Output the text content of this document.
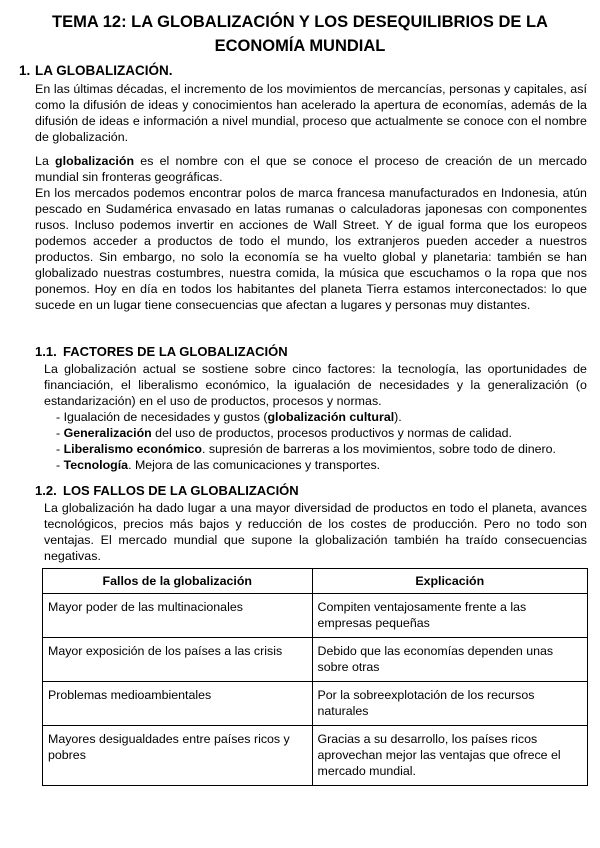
TEMA 12: LA GLOBALIZACIÓN Y LOS DESEQUILIBRIOS DE LA ECONOMÍA MUNDIAL
1. LA GLOBALIZACIÓN.

En las últimas décadas, el incremento de los movimientos de mercancías, personas y capitales, así como la difusión de ideas y conocimientos han acelerado la apertura de economías, además de la difusión de ideas e información a nivel mundial, proceso que actualmente se conoce con el nombre de globalización.

La globalización es el nombre con el que se conoce el proceso de creación de un mercado mundial sin fronteras geográficas.

En los mercados podemos encontrar polos de marca francesa manufacturados en Indonesia, atún pescado en Sudamérica envasado en latas rumanas o calculadoras japonesas con componentes rusos. Incluso podemos invertir en acciones de Wall Street. Y de igual forma que los europeos podemos acceder a productos de todo el mundo, los extranjeros pueden acceder a nuestros productos. Sin embargo, no solo la economía se ha vuelto global y planetaria: también se han globalizado nuestras costumbres, nuestra comida, la música que escuchamos o la ropa que nos ponemos. Hoy en día en todos los habitantes del planeta Tierra estamos interconectados: lo que sucede en un lugar tiene consecuencias que afectan a lugares y personas muy distantes.

1.1. FACTORES DE LA GLOBALIZACIÓN

La globalización actual se sostiene sobre cinco factores: la tecnología, las oportunidades de financiación, el liberalismo económico, la igualación de necesidades y la generalización (o estandarización) en el uso de productos, procesos y normas.

- Igualación de necesidades y gustos (globalización cultural).
- Generalización del uso de productos, procesos productivos y normas de calidad.
- Liberalismo económico. supresión de barreras a los movimientos, sobre todo de dinero.
- Tecnología. Mejora de las comunicaciones y transportes.
1.2. LOS FALLOS DE LA GLOBALIZACIÓN

La globalización ha dado lugar a una mayor diversidad de productos en todo el planeta, avances tecnológicos, precios más bajos y reducción de los costes de producción. Pero no todo son ventajas. El mercado mundial que supone la globalización también ha traído consecuencias negativas.

Fallos de la globalización	Explicación
Mayor poder de las multinacionales	Compiten ventajosamente frente a las empresas pequeñas
Mayor exposición de los países a las crisis	Debido que las economías dependen unas sobre otras
Problemas medioambientales	Por la sobreexplotación de los recursos naturales
Mayores desigualdades entre países ricos y pobres	Gracias a su desarrollo, los países ricos aprovechan mejor las ventajas que ofrece el mercado mundial.
